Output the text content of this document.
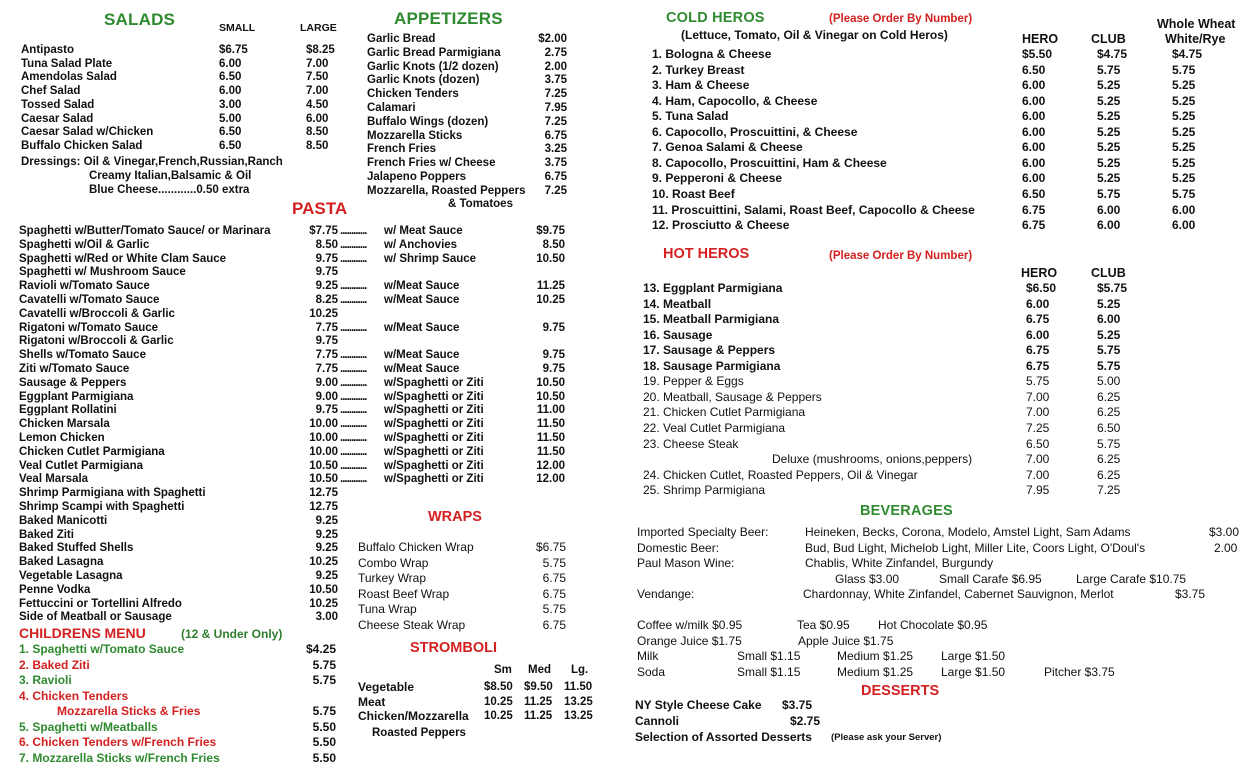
SALADS	SMALL	LARGE
Dressings: Oil & Vinegar,French,Russian,Ranch
Creamy Italian,Balsamic & Oil
Blue Cheese............0.50 extra
APPETIZERS
& Tomatoes
PASTA
CHILDRENS MENU	(12 & Under Only)
WRAPS
STROMBOLI
Sm Med Lg.
Roasted Peppers
COLD HEROS	(Please Order By Number)
(Lettuce, Tomato, Oil & Vinegar on Cold Heros)	HERO	CLUB
Whole Wheat
White/Rye
HOT HEROS	(Please Order By Number)
HERO	CLUB
BEVERAGES
Imported Specialty Beer:	Heineken, Becks, Corona, Modelo, Amstel Light, Sam Adams	$3.00
Domestic Beer:	Bud, Bud Light, Michelob Light, Miller Lite, Coors Light, O'Doul's	2.00
Paul Mason Wine:	Chablis, White Zinfandel, Burgundy
Glass $3.00	Small Carafe $6.95	Large Carafe $10.75
Vendange:	Chardonnay, White Zinfandel, Cabernet Sauvignon, Merlot	$3.75
Coffee w/milk $0.95	Tea $0.95 Hot Chocolate $0.95
Orange Juice $1.75	Apple Juice $1.75
Milk	Small $1.15	Medium $1.25 Large $1.50
Soda	Small $1.15	Medium $1.25 Large $1.50	Pitcher $3.75
DESSERTS
NY Style Cheese Cake $3.75
Cannoli	$2.75
Selection of Assorted Desserts (Please ask your Server)
Antipasto	$6.75	$8.25
Tuna Salad Plate	6.00	7.00
Amendolas Salad	6.50	7.50
Chef Salad	6.00	7.00
Tossed Salad	3.00	4.50
Caesar Salad	5.00	6.00
Caesar Salad w/Chicken	6.50	8.50
Buffalo Chicken Salad	6.50	8.50
Garlic Bread	$2.00
Garlic Bread Parmigiana	2.75
Garlic Knots (1/2 dozen)	2.00
Garlic Knots (dozen)	3.75
Chicken Tenders	7.25
Calamari	7.95
Buffalo Wings (dozen)	7.25
Mozzarella Sticks	6.75
French Fries	3.25
French Fries w/ Cheese	3.75
Jalapeno Poppers	6.75
Mozzarella, Roasted Peppers	7.25
Spaghetti w/Butter/Tomato Sauce/ or Marinara	$7.75 ............ w/ Meat Sauce	$9.75
Spaghetti w/Oil & Garlic	8.50 ............ w/ Anchovies	8.50
Spaghetti w/Red or White Clam Sauce	9.75 ............ w/ Shrimp Sauce	10.50
Spaghetti w/ Mushroom Sauce	9.75
Ravioli w/Tomato Sauce	9.25 ............ w/Meat Sauce	11.25
Cavatelli w/Tomato Sauce	8.25 ............ w/Meat Sauce	10.25
Cavatelli w/Broccoli & Garlic	10.25
Rigatoni w/Tomato Sauce	7.75 ............ w/Meat Sauce	9.75
Rigatoni w/Broccoli & Garlic	9.75
Shells w/Tomato Sauce	7.75 ............ w/Meat Sauce	9.75
Ziti w/Tomato Sauce	7.75 ............ w/Meat Sauce	9.75
Sausage & Peppers	9.00 ............ w/Spaghetti or Ziti	10.50
Eggplant Parmigiana	9.00 ............ w/Spaghetti or Ziti	10.50
Eggplant Rollatini	9.75 ............ w/Spaghetti or Ziti	11.00
Chicken Marsala	10.00 ............ w/Spaghetti or Ziti	11.50
Lemon Chicken	10.00 ............ w/Spaghetti or Ziti	11.50
Chicken Cutlet Parmigiana	10.00 ............ w/Spaghetti or Ziti	11.50
Veal Cutlet Parmigiana	10.50 ............ w/Spaghetti or Ziti	12.00
Veal Marsala	10.50 ............ w/Spaghetti or Ziti	12.00
Shrimp Parmigiana with Spaghetti	12.75
Shrimp Scampi with Spaghetti	12.75
Baked Manicotti	9.25
Baked Ziti	9.25
Baked Stuffed Shells	9.25
Baked Lasagna	10.25
Vegetable Lasagna	9.25
Penne Vodka	10.50
Fettuccini or Tortellini Alfredo	10.25
Side of Meatball or Sausage	3.00
1. Spaghetti w/Tomato Sauce	$4.25
2. Baked Ziti	5.75
3. Ravioli	5.75
4. Chicken Tenders
Mozzarella Sticks & Fries	5.75
5. Spaghetti w/Meatballs	5.50
6. Chicken Tenders w/French Fries	5.50
7. Mozzarella Sticks w/French Fries	5.50
Buffalo Chicken Wrap	$6.75
Combo Wrap	5.75
Turkey Wrap	6.75
Roast Beef Wrap	6.75
Tuna Wrap	5.75
Cheese Steak Wrap	6.75
Vegetable	$8.50 $9.50 11.50
Meat	10.25 11.25 13.25
Chicken/Mozzarella 10.25 11.25 13.25
1. Bologna & Cheese	$5.50	$4.75	$4.75
2. Turkey Breast	6.50	5.75	5.75
3. Ham & Cheese	6.00	5.25	5.25
4. Ham, Capocollo, & Cheese	6.00	5.25	5.25
5. Tuna Salad	6.00	5.25	5.25
6. Capocollo, Proscuittini, & Cheese	6.00	5.25	5.25
7. Genoa Salami & Cheese	6.00	5.25	5.25
8. Capocollo, Proscuittini, Ham & Cheese	6.00	5.25	5.25
9. Pepperoni & Cheese	6.00	5.25	5.25
10. Roast Beef	6.50	5.75	5.75
11. Proscuittini, Salami, Roast Beef, Capocollo & Cheese	6.75	6.00	6.00
12. Prosciutto & Cheese	6.75	6.00	6.00
13. Eggplant Parmigiana	$6.50	$5.75
14. Meatball	6.00	5.25
15. Meatball Parmigiana	6.75	6.00
16. Sausage	6.00	5.25
17. Sausage & Peppers	6.75	5.75
18. Sausage Parmigiana	6.75	5.75
19. Pepper & Eggs	5.75	5.00
20. Meatball, Sausage & Peppers	7.00	6.25
21. Chicken Cutlet Parmigiana	7.00	6.25
22. Veal Cutlet Parmigiana	7.25	6.50
23. Cheese Steak	6.50	5.75
Deluxe (mushrooms, onions,peppers)	7.00	6.25
24. Chicken Cutlet, Roasted Peppers, Oil & Vinegar	7.00	6.25
25. Shrimp Parmigiana	7.95	7.25
